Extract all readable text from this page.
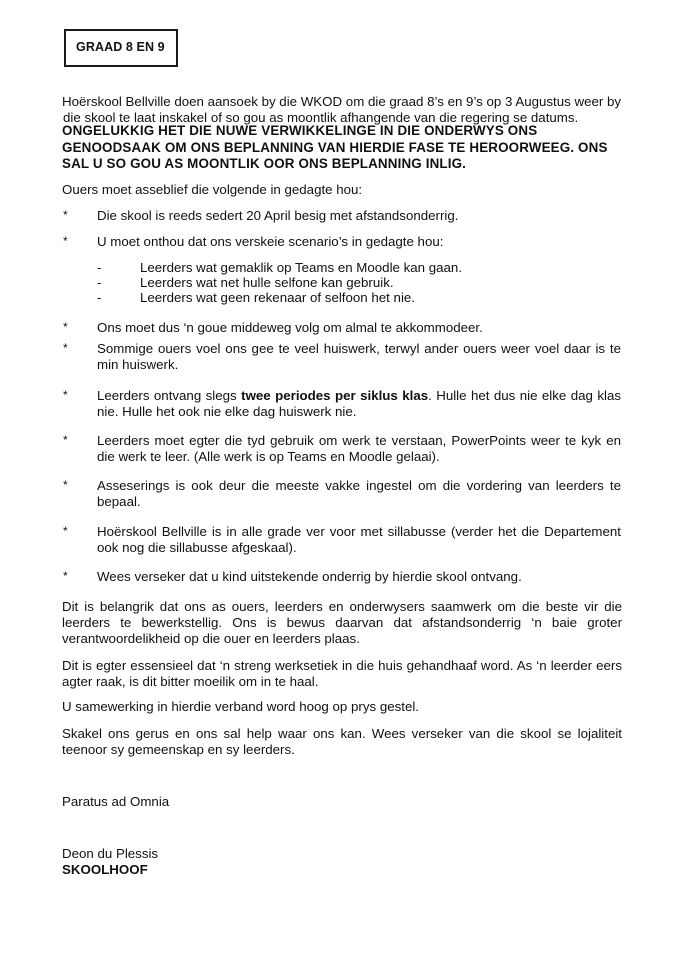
GRAAD 8 EN 9
Hoërskool Bellville doen aansoek by die WKOD om die graad 8’s en 9’s op 3 Augustus weer by
die skool te laat inskakel of so gou as moontlik afhangende van die regering se datums.
ONGELUKKIG HET DIE NUWE VERWIKKELINGE IN DIE ONDERWYS ONS GENOODSAAK OM ONS BEPLANNING VAN HIERDIE FASE TE HEROORWEEG. ONS SAL U SO GOU AS MOONTLIK OOR ONS BEPLANNING INLIG.
Ouers moet asseblief die volgende in gedagte hou:
* Die skool is reeds sedert 20 April besig met afstandsonderrig.
* U moet onthou dat ons verskeie scenario’s in gedagte hou:
-	Leerders wat gemaklik op Teams en Moodle kan gaan.
-	Leerders wat net hulle selfone kan gebruik.
-	Leerders wat geen rekenaar of selfoon het nie.
* Ons moet dus ‘n goue middeweg volg om almal te akkommodeer.
* Sommige ouers voel ons gee te veel huiswerk, terwyl ander ouers weer voel daar is te min huiswerk.
* Leerders ontvang slegs twee periodes per siklus klas. Hulle het dus nie elke dag klas nie. Hulle het ook nie elke dag huiswerk nie.
* Leerders moet egter die tyd gebruik om werk te verstaan, PowerPoints weer te kyk en die werk te leer. (Alle werk is op Teams en Moodle gelaai).
* Asseserings is ook deur die meeste vakke ingestel om die vordering van leerders te bepaal.
* Hoërskool Bellville is in alle grade ver voor met sillabusse (verder het die Departement ook nog die sillabusse afgeskaal).
* Wees verseker dat u kind uitstekende onderrig by hierdie skool ontvang.
Dit is belangrik dat ons as ouers, leerders en onderwysers saamwerk om die beste vir die leerders te bewerkstellig. Ons is bewus daarvan dat afstandsonderrig ‘n baie groter verantwoordelikheid op die ouer en leerders plaas.
Dit is egter essensieel dat ‘n streng werksetiek in die huis gehandhaaf word. As ‘n leerder eers agter raak, is dit bitter moeilik om in te haal.
U samewerking in hierdie verband word hoog op prys gestel.
Skakel ons gerus en ons sal help waar ons kan. Wees verseker van die skool se lojaliteit teenoor sy gemeenskap en sy leerders.
Paratus ad Omnia
Deon du Plessis
SKOOLHOOF
